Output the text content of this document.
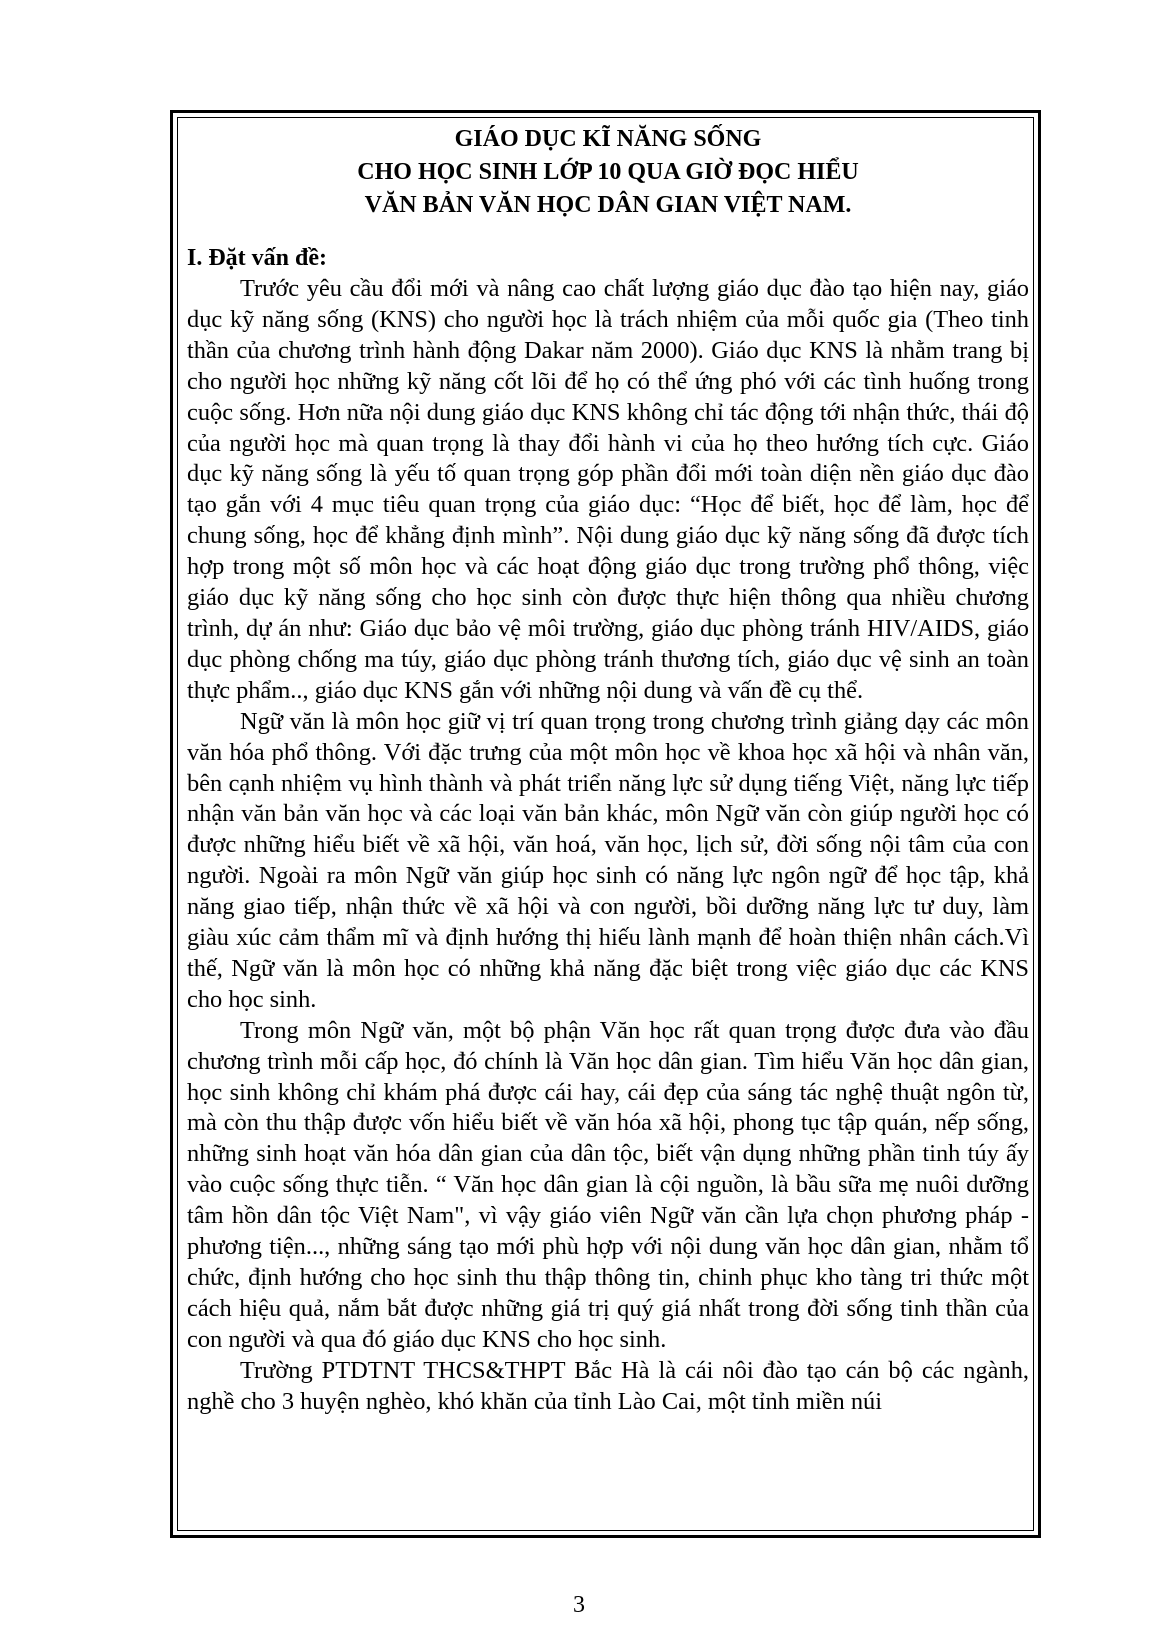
GIÁO DỤC KĨ NĂNG SỐNG
CHO HỌC SINH LỚP 10 QUA GIỜ ĐỌC HIỂU
VĂN BẢN VĂN HỌC DÂN GIAN VIỆT NAM.
I. Đặt vấn đề:

Trước yêu cầu đổi mới và nâng cao chất lượng giáo dục đào tạo hiện nay, giáo dục kỹ năng sống (KNS) cho người học là trách nhiệm của mỗi quốc gia (Theo tinh thần của chương trình hành động Dakar năm 2000). Giáo dục KNS là nhằm trang bị cho người học những kỹ năng cốt lõi để họ có thể ứng phó với các tình huống trong cuộc sống. Hơn nữa nội dung giáo dục KNS không chỉ tác động tới nhận thức, thái độ của người học mà quan trọng là thay đổi hành vi của họ theo hướng tích cực. Giáo dục kỹ năng sống là yếu tố quan trọng góp phần đổi mới toàn diện nền giáo dục đào tạo gắn với 4 mục tiêu quan trọng của giáo dục: “Học để biết, học để làm, học để chung sống, học để khẳng định mình”. Nội dung giáo dục kỹ năng sống đã được tích hợp trong một số môn học và các hoạt động giáo dục trong trường phổ thông, việc giáo dục kỹ năng sống cho học sinh còn được thực hiện thông qua nhiều chương trình, dự án như: Giáo dục bảo vệ môi trường, giáo dục phòng tránh HIV/AIDS, giáo dục phòng chống ma túy, giáo dục phòng tránh thương tích, giáo dục vệ sinh an toàn thực phẩm.., giáo dục KNS gắn với những nội dung và vấn đề cụ thể.

Ngữ văn là môn học giữ vị trí quan trọng trong chương trình giảng dạy các môn văn hóa phổ thông. Với đặc trưng của một môn học về khoa học xã hội và nhân văn, bên cạnh nhiệm vụ hình thành và phát triển năng lực sử dụng tiếng Việt, năng lực tiếp nhận văn bản văn học và các loại văn bản khác, môn Ngữ văn còn giúp người học có được những hiểu biết về xã hội, văn hoá, văn học, lịch sử, đời sống nội tâm của con người. Ngoài ra môn Ngữ văn giúp học sinh có năng lực ngôn ngữ để học tập, khả năng giao tiếp, nhận thức về xã hội và con người, bồi dưỡng năng lực tư duy, làm giàu xúc cảm thẩm mĩ và định hướng thị hiếu lành mạnh để hoàn thiện nhân cách.Vì thế, Ngữ văn là môn học có những khả năng đặc biệt trong việc giáo dục các KNS cho học sinh.

Trong môn Ngữ văn, một bộ phận Văn học rất quan trọng được đưa vào đầu chương trình mỗi cấp học, đó chính là Văn học dân gian. Tìm hiểu Văn học dân gian, học sinh không chỉ khám phá được cái hay, cái đẹp của sáng tác nghệ thuật ngôn từ, mà còn thu thập được vốn hiểu biết về văn hóa xã hội, phong tục tập quán, nếp sống, những sinh hoạt văn hóa dân gian của dân tộc, biết vận dụng những phần tinh túy ấy vào cuộc sống thực tiễn. “ Văn học dân gian là cội nguồn, là bầu sữa mẹ nuôi dưỡng tâm hồn dân tộc Việt Nam", vì vậy giáo viên Ngữ văn cần lựa chọn phương pháp - phương tiện..., những sáng tạo mới phù hợp với nội dung văn học dân gian, nhằm tổ chức, định hướng cho học sinh thu thập thông tin, chinh phục kho tàng tri thức một cách hiệu quả, nắm bắt được những giá trị quý giá nhất trong đời sống tinh thần của con người và qua đó giáo dục KNS cho học sinh.

Trường PTDTNT THCS&THPT Bắc Hà là cái nôi đào tạo cán bộ các ngành, nghề cho 3 huyện nghèo, khó khăn của tỉnh Lào Cai, một tỉnh miền núi

3
